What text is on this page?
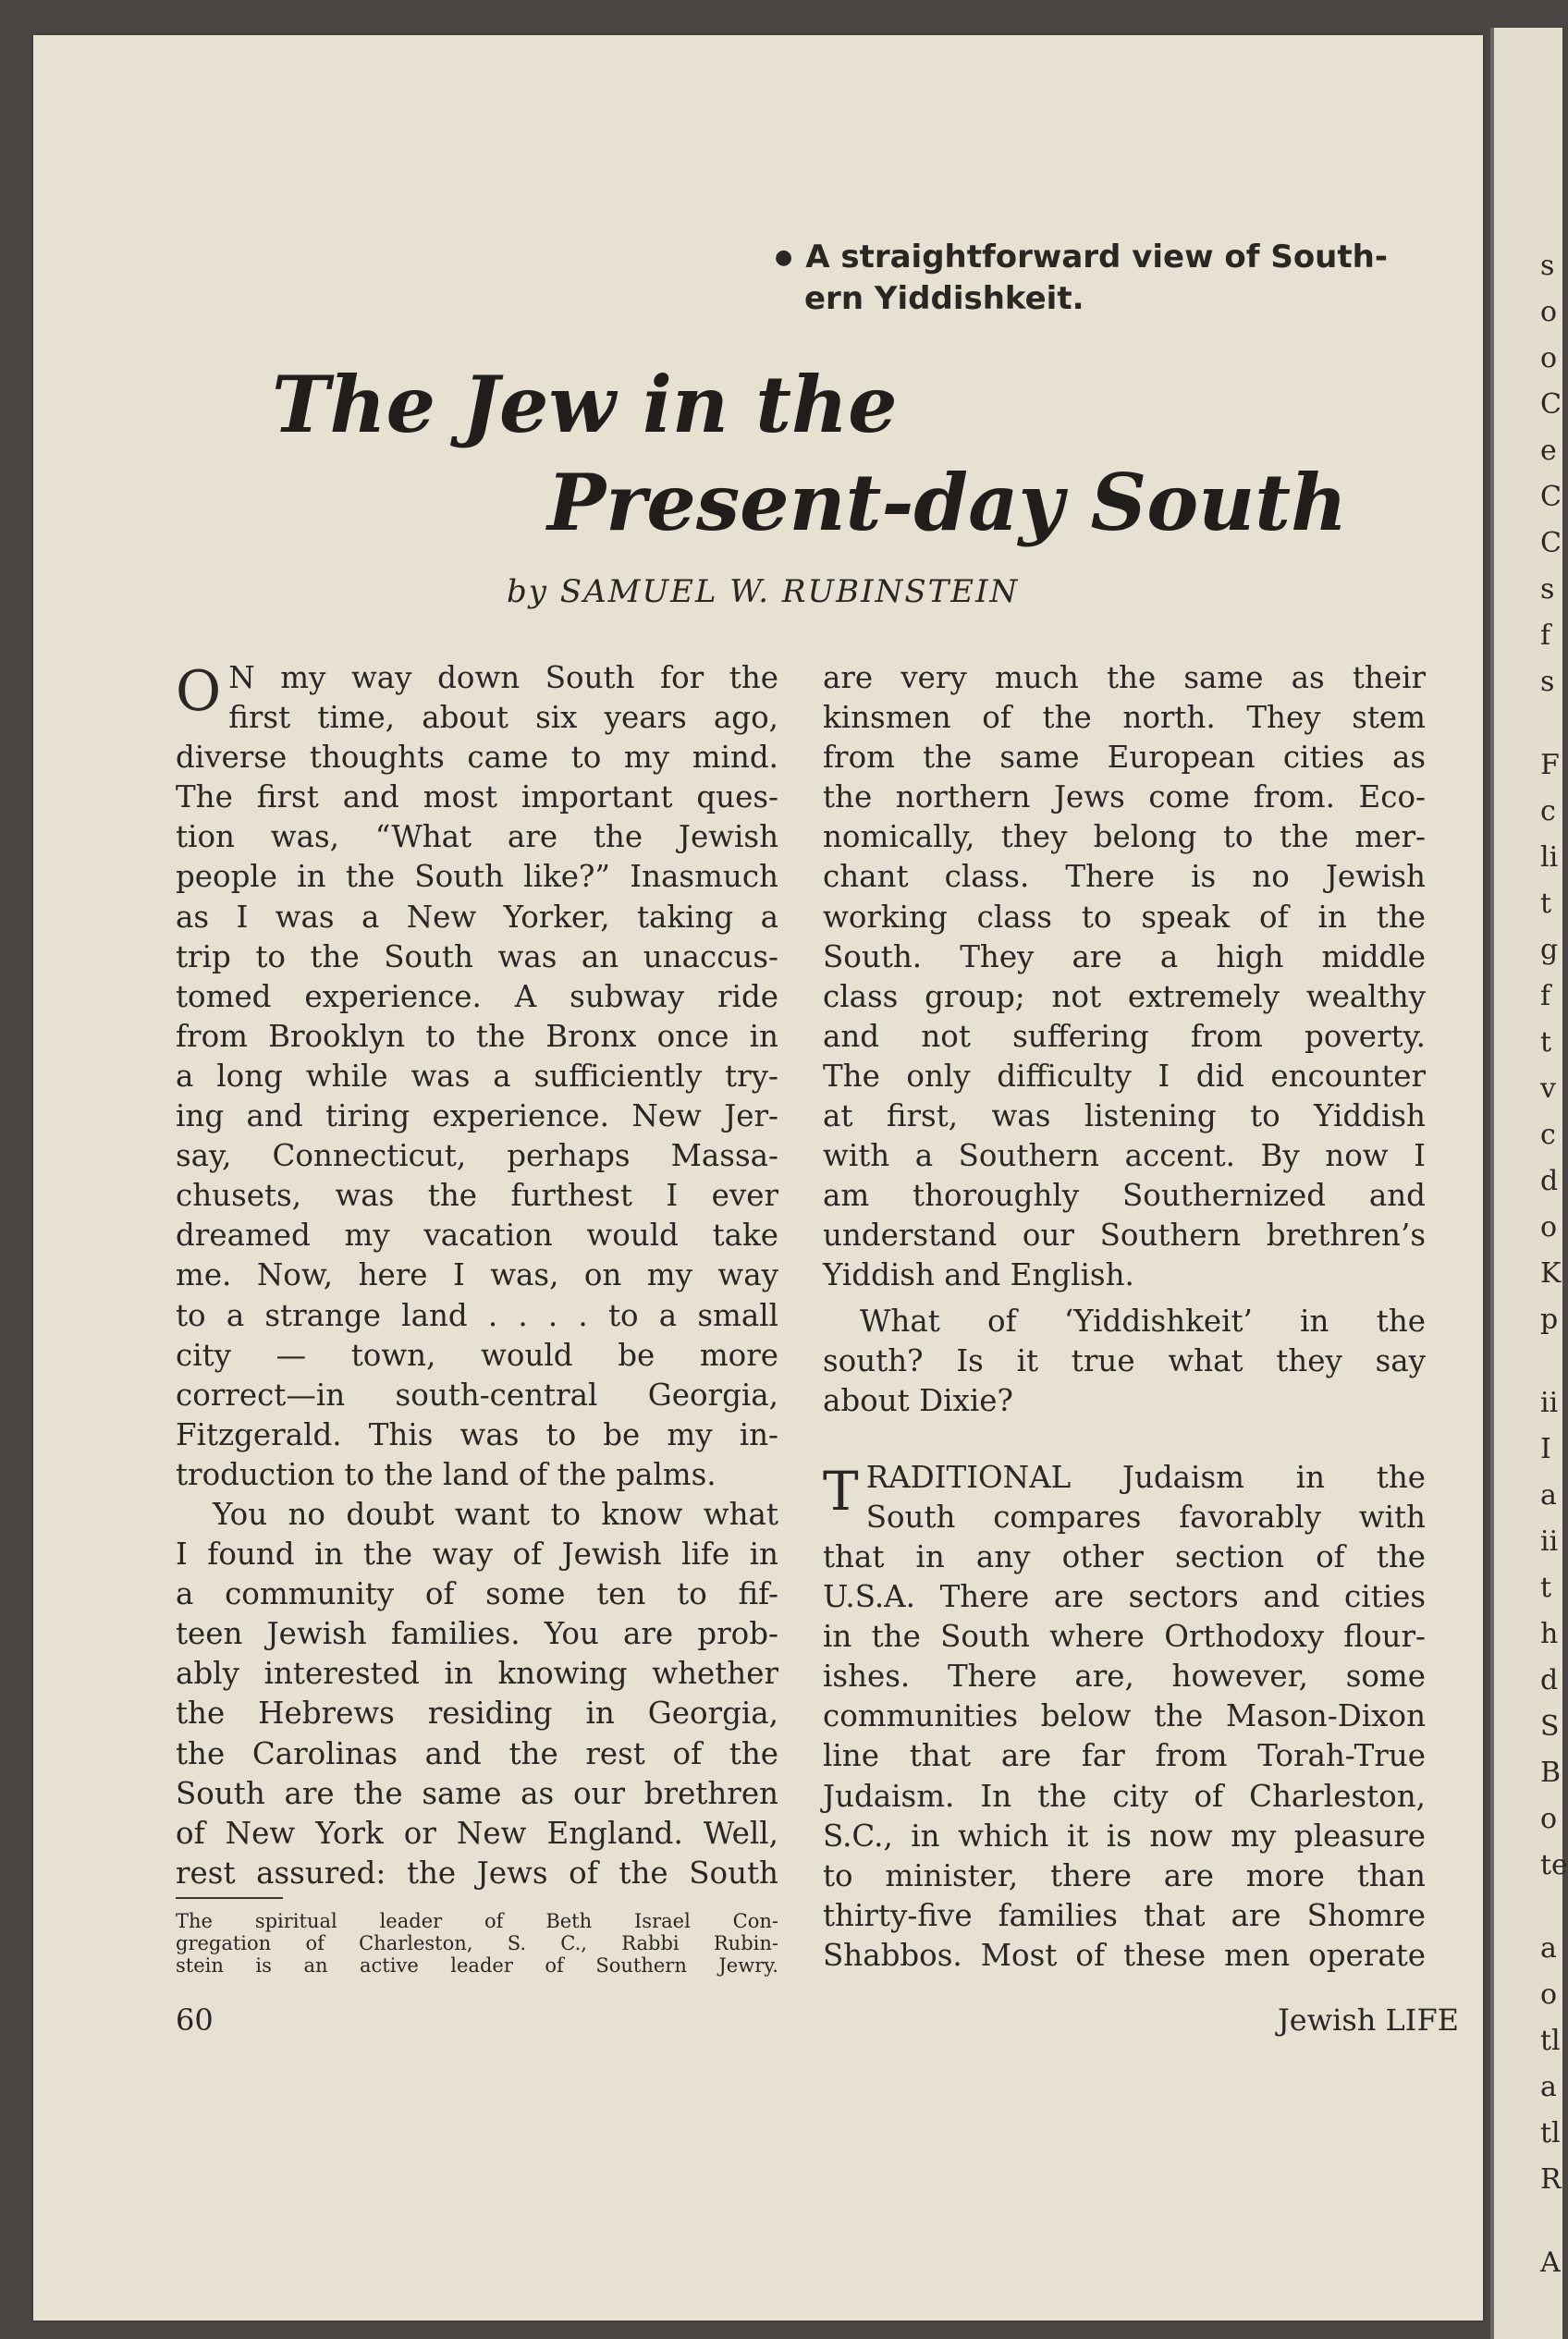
s
o
o
C
e
C
C
s
f
s
F
c
li
t
g
f
t
v
c
d
o
K
p
ii
I
a
ii
t
h
d
S
B
o
te
a
o
tl
a
tl
R
A
● A straightforward view of South-
ern Yiddishkeit.
The Jew in the
Present-day South
by SAMUEL W. RUBINSTEIN
O N my way down South for the
first time, about six years ago,
diverse thoughts came to my mind.
The first and most important ques-
tion was, “What are the Jewish
people in the South like?” Inasmuch
as I was a New Yorker, taking a
trip to the South was an unaccus-
tomed experience. A subway ride
from Brooklyn to the Bronx once in
a long while was a sufficiently try-
ing and tiring experience. New Jer-
say, Connecticut, perhaps Massa-
chusets, was the furthest I ever
dreamed my vacation would take
me. Now, here I was, on my way
to a strange land . . . . to a small
city — town, would be more
correct—in south-central Georgia,
Fitzgerald. This was to be my in-
troduction to the land of the palms.
You no doubt want to know what
I found in the way of Jewish life in
a community of some ten to fif-
teen Jewish families. You are prob-
ably interested in knowing whether
the Hebrews residing in Georgia,
the Carolinas and the rest of the
South are the same as our brethren
of New York or New England. Well,
rest assured: the Jews of the South
are very much the same as their
kinsmen of the north. They stem
from the same European cities as
the northern Jews come from. Eco-
nomically, they belong to the mer-
chant class. There is no Jewish
working class to speak of in the
South. They are a high middle
class group; not extremely wealthy
and not suffering from poverty.
The only difficulty I did encounter
at first, was listening to Yiddish
with a Southern accent. By now I
am thoroughly Southernized and
understand our Southern brethren’s
Yiddish and English.
What of ‘Yiddishkeit’ in the
south? Is it true what they say
about Dixie?
T RADITIONAL Judaism in the
South compares favorably with
that in any other section of the
U.S.A. There are sectors and cities
in the South where Orthodoxy flour-
ishes. There are, however, some
communities below the Mason-Dixon
line that are far from Torah-True
Judaism. In the city of Charleston,
S.C., in which it is now my pleasure
to minister, there are more than
thirty-five families that are Shomre
Shabbos. Most of these men operate
The spiritual leader of Beth Israel Con-
gregation of Charleston, S. C., Rabbi Rubin-
stein is an active leader of Southern Jewry.
60	Jewish LIFE
